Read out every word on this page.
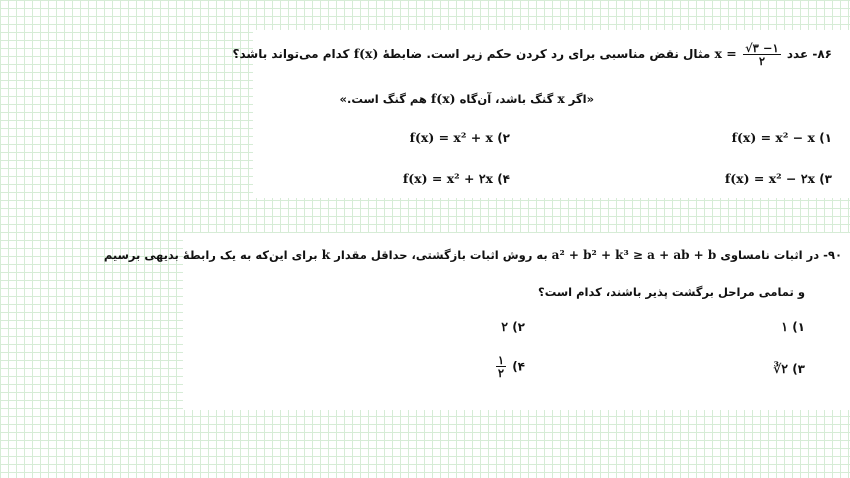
۸۶- عدد $x = \frac{√۳ -۱}{۲}$
مثال نقض مناسبی برای رد کردن حکم زیر است. ضابطهٔ f(x) کدام می‌تواند باشد؟
«اگر x گنگ باشد، آن‌گاه f(x) هم گنگ است.»
۱) f(x) = x² − x
۲) f(x) = x² + x
۳) f(x) = x² − ۲x
۴) f(x) = x² + ۲x
۹۰- در اثبات نامساوی a² + b² + k³ ≥ a + ab + b به روش اثبات بازگشتی، حداقل مقدار k برای این‌که به یک رابطهٔ بدیهی برسیم
و تمامی مراحل برگشت پذیر باشند، کدام است؟
۱) ۱
۲) ۲
۳) ∛۲
۴)
$\frac{۱}{۲}$
